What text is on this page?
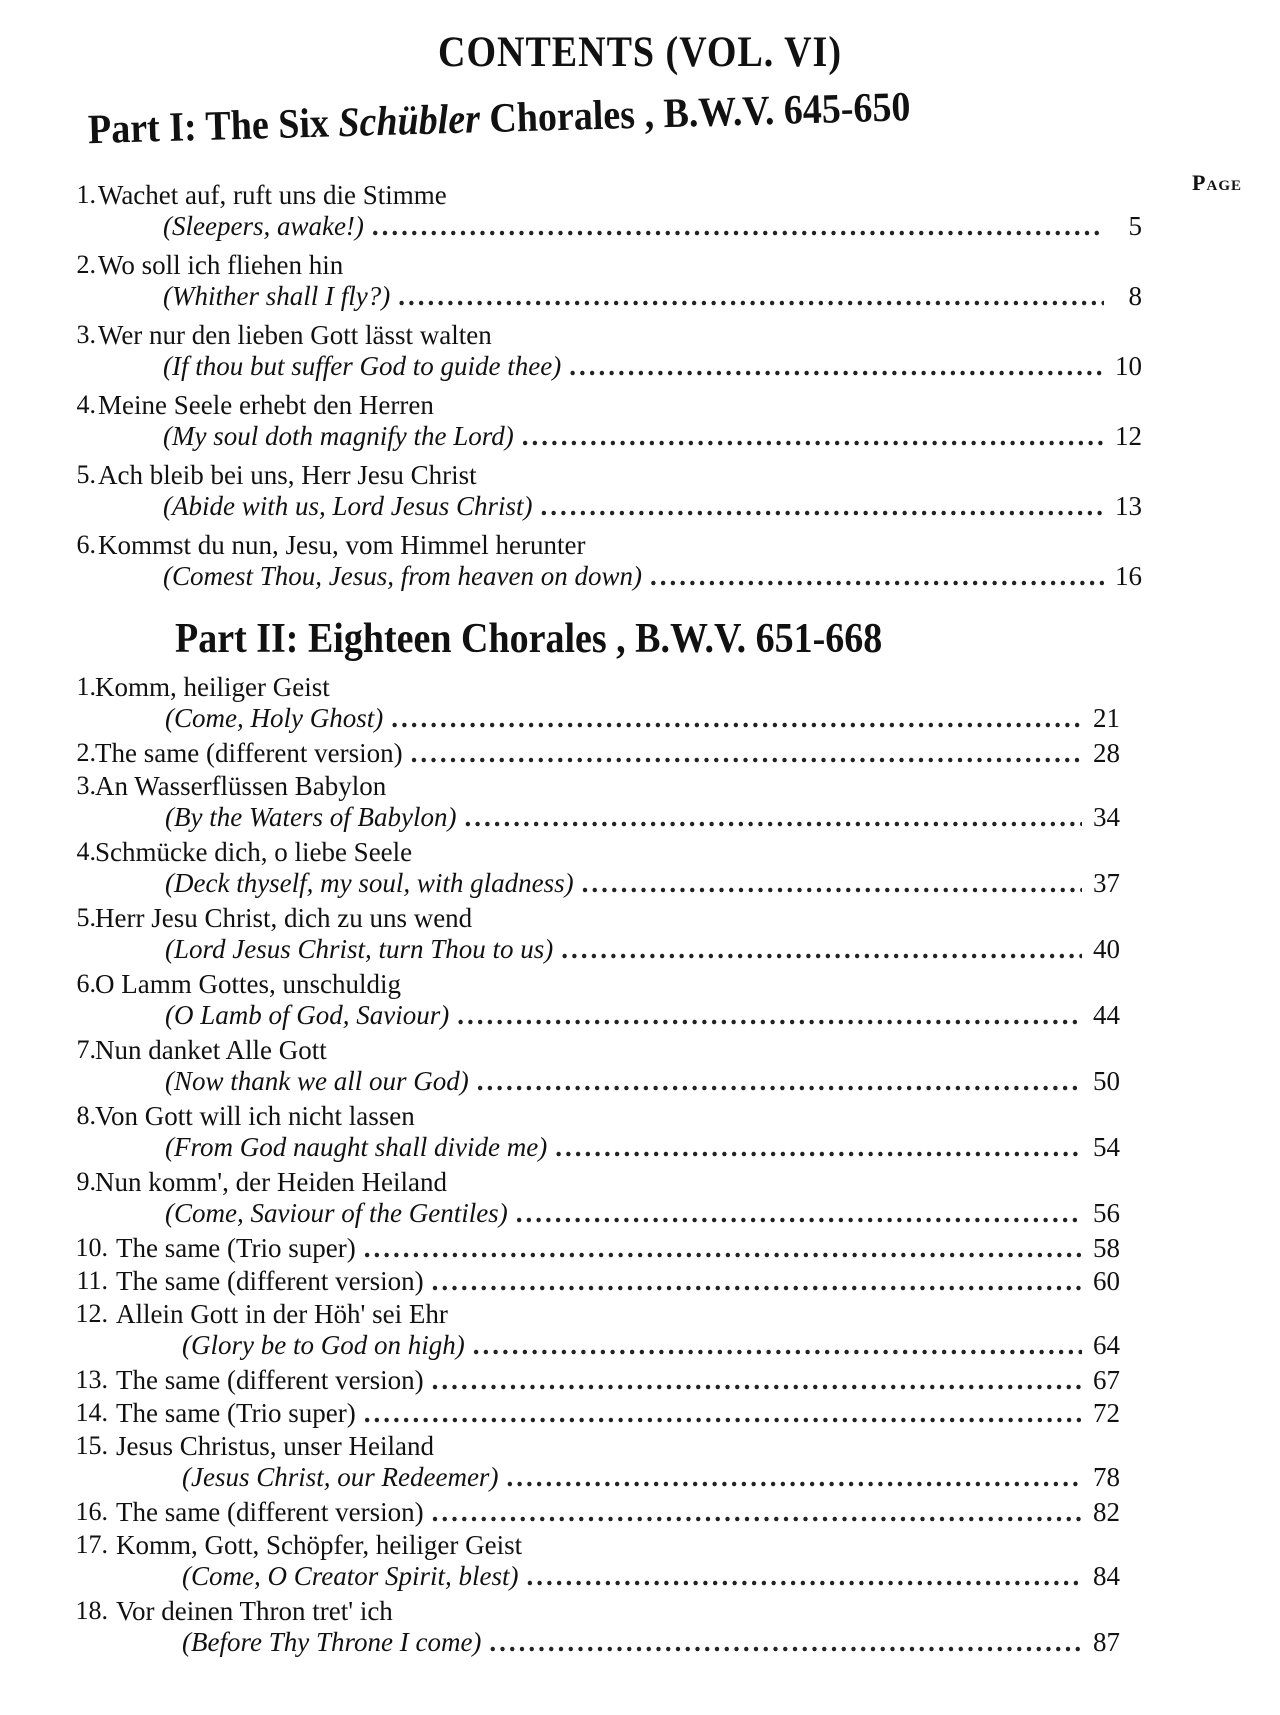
CONTENTS (VOL. VI)
Part I: The Six Schübler Chorales , B.W.V. 645-650
Page
Part II: Eighteen Chorales , B.W.V. 651-668
1. Wachet auf, ruft uns die Stimme
(Sleepers, awake!) .....	5
2. Wo soll ich fliehen hin
(Whither shall I fly?) .....	8
3. Wer nur den lieben Gott lässt walten
(If thou but suffer God to guide thee) .....	10
4. Meine Seele erhebt den Herren
(My soul doth magnify the Lord) .....	12
5. Ach bleib bei uns, Herr Jesu Christ
(Abide with us, Lord Jesus Christ) .....	13
6. Kommst du nun, Jesu, vom Himmel herunter
(Comest Thou, Jesus, from heaven on down) .....	16
1. Komm, heiliger Geist
(Come, Holy Ghost) .....	21
2. The same (different version) .....	28
3. An Wasserflüssen Babylon
(By the Waters of Babylon) .....	34
4. Schmücke dich, o liebe Seele
(Deck thyself, my soul, with gladness) .....	37
5. Herr Jesu Christ, dich zu uns wend
(Lord Jesus Christ, turn Thou to us) .....	40
6. O Lamm Gottes, unschuldig
(O Lamb of God, Saviour) .....	44
7. Nun danket Alle Gott
(Now thank we all our God) .....	50
8. Von Gott will ich nicht lassen
(From God naught shall divide me) .....	54
9. Nun komm', der Heiden Heiland
(Come, Saviour of the Gentiles) .....	56
10. The same (Trio super) .....	58
11. The same (different version) .....	60
12. Allein Gott in der Höh' sei Ehr
(Glory be to God on high) .....	64
13. The same (different version) .....	67
14. The same (Trio super) .....	72
15. Jesus Christus, unser Heiland
(Jesus Christ, our Redeemer) .....	78
16. The same (different version) .....	82
17. Komm, Gott, Schöpfer, heiliger Geist
(Come, O Creator Spirit, blest) .....	84
18. Vor deinen Thron tret' ich
(Before Thy Throne I come) .....	87
